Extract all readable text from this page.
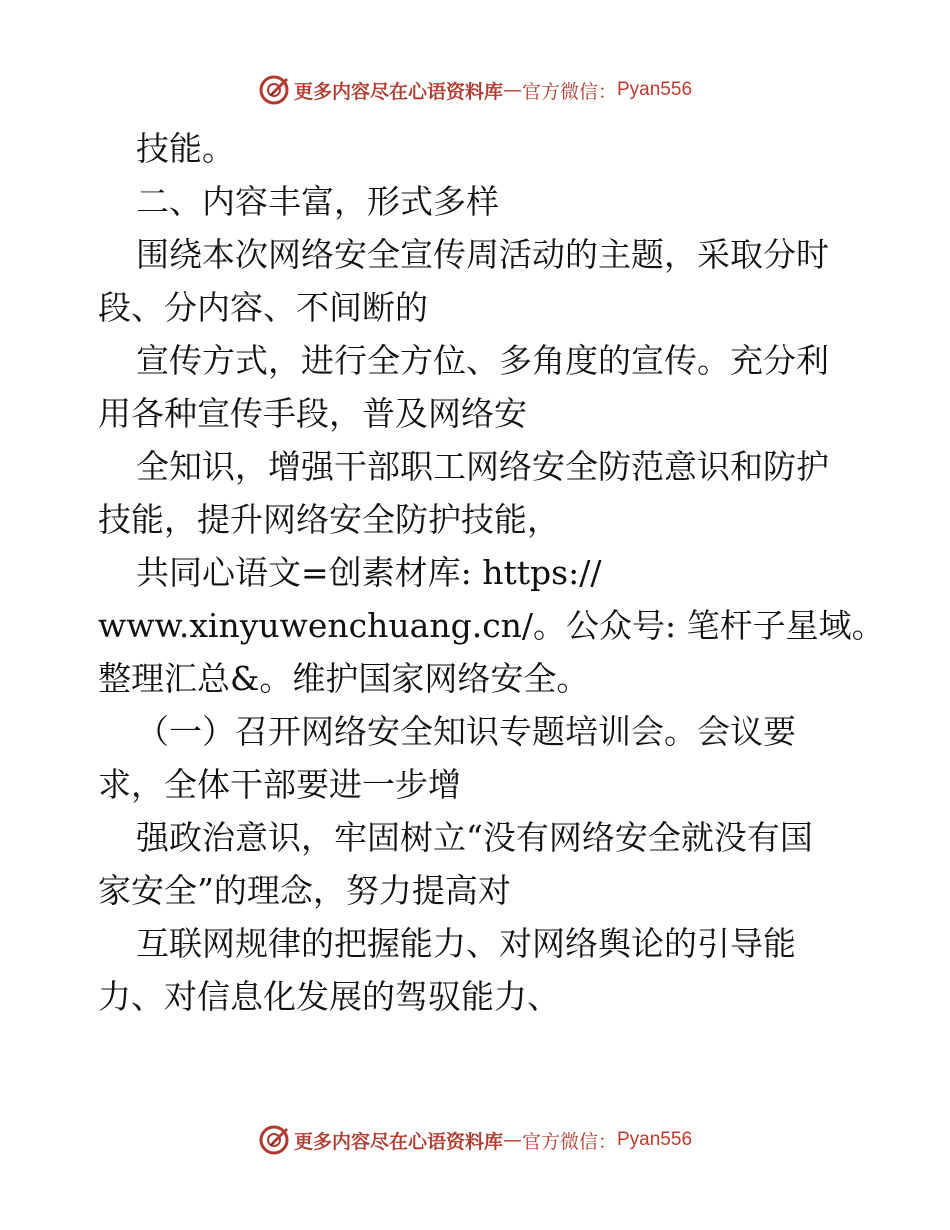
更多内容尽在心语资料库 — 官方微信： Pyan556

技能。

二、内容丰富，形式多样

围绕本次网络安全宣传周活动的主题，采取分时

段、分内容、不间断的

宣传方式，进行全方位、多角度的宣传。充分利

用各种宣传手段，普及网络安

全知识，增强干部职工网络安全防范意识和防护

技能，提升网络安全防护技能，

共同心语文=创素材库: https://

www.xinyuwenchuang.cn/。公众号: 笔杆子星域。

整理汇总&。维护国家网络安全。

（一）召开网络安全知识专题培训会。会议要

求，全体干部要进一步增

强政治意识，牢固树立“没有网络安全就没有国

家安全”的理念，努力提高对

互联网规律的把握能力、对网络舆论的引导能

力、对信息化发展的驾驭能力、

更多内容尽在心语资料库 — 官方微信： Pyan556
